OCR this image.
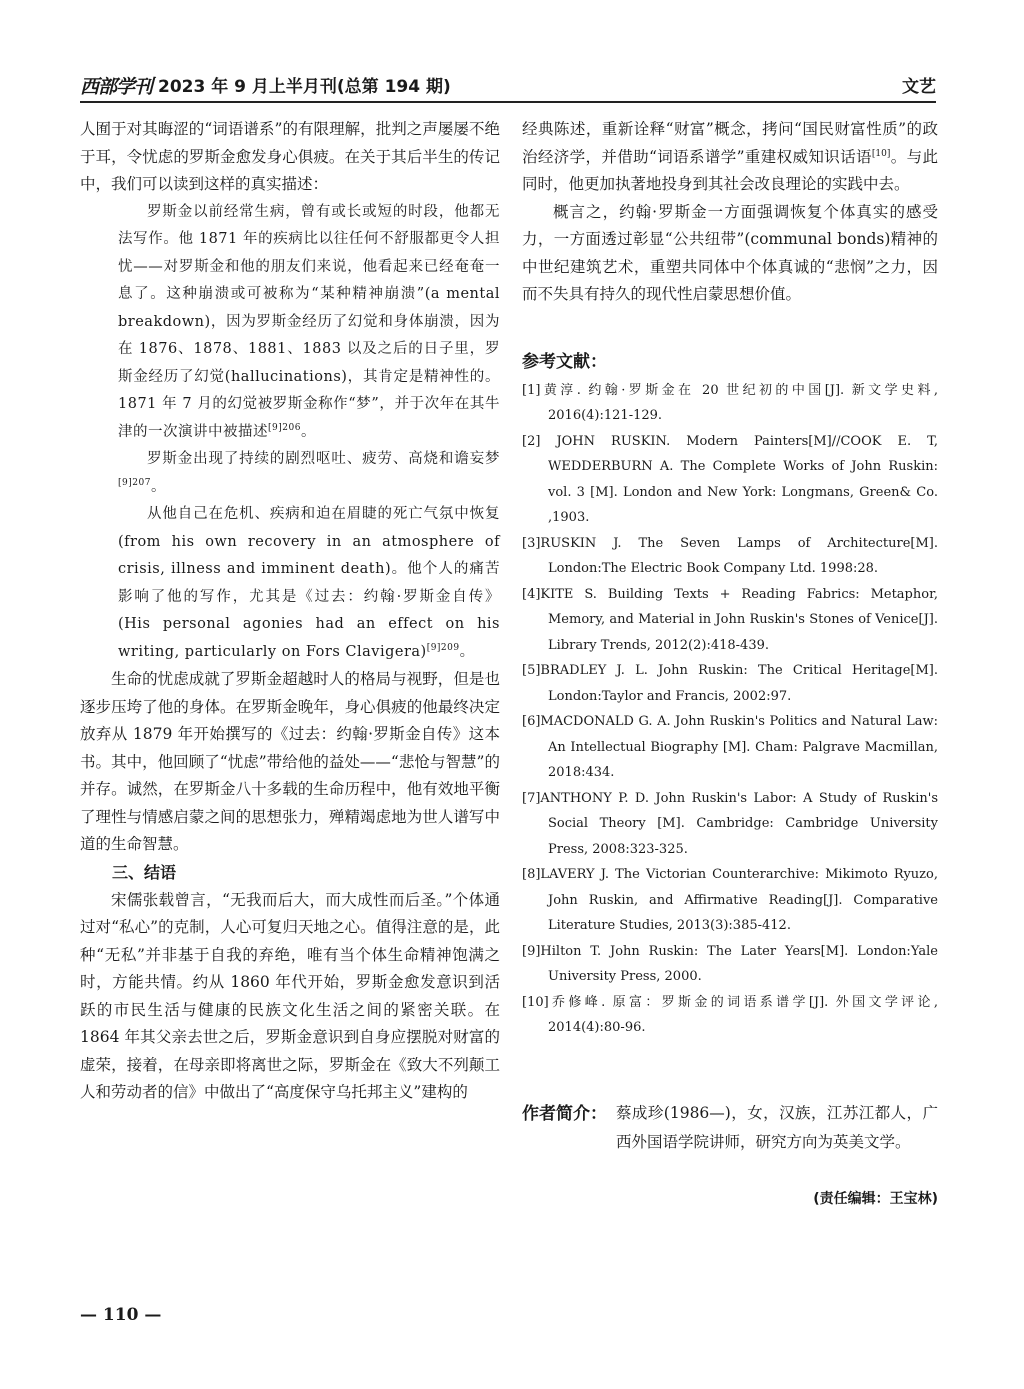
西部学刊 2023 年 9 月上半月刊(总第 194 期)	文艺

人囿于对其晦涩的“词语谱系”的有限理解，批判之声屡屡不绝于耳，令忧虑的罗斯金愈发身心俱疲。在关于其后半生的传记中，我们可以读到这样的真实描述：

罗斯金以前经常生病，曾有或长或短的时段，他都无法写作。他 1871 年的疾病比以往任何不舒服都更令人担忧——对罗斯金和他的朋友们来说，他看起来已经奄奄一息了。这种崩溃或可被称为“某种精神崩溃”(a mental breakdown)，因为罗斯金经历了幻觉和身体崩溃，因为在 1876、1878、1881、1883 以及之后的日子里，罗斯金经历了幻觉(hallucinations)，其肯定是精神性的。1871 年 7 月的幻觉被罗斯金称作“梦”，并于次年在其牛津的一次演讲中被描述$^{[9]206}$。

罗斯金出现了持续的剧烈呕吐、疲劳、高烧和谵妄梦$^{[9]207}$。

从他自己在危机、疾病和迫在眉睫的死亡气氛中恢复(from his own recovery in an atmosphere of crisis, illness and imminent death)。他个人的痛苦影响了他的写作，尤其是《过去：约翰·罗斯金自传》(His personal agonies had an effect on his writing, particularly on Fors Clavigera)$^{[9]209}$。

生命的忧虑成就了罗斯金超越时人的格局与视野，但是也逐步压垮了他的身体。在罗斯金晚年，身心俱疲的他最终决定放弃从 1879 年开始撰写的《过去：约翰·罗斯金自传》这本书。其中，他回顾了“忧虑”带给他的益处——“悲怆与智慧”的并存。诚然，在罗斯金八十多载的生命历程中，他有效地平衡了理性与情感启蒙之间的思想张力，殚精竭虑地为世人谱写中道的生命智慧。

三、结语

宋儒张载曾言，“无我而后大，而大成性而后圣。”个体通过对“私心”的克制，人心可复归天地之心。值得注意的是，此种“无私”并非基于自我的弃绝，唯有当个体生命精神饱满之时，方能共情。约从 1860 年代开始，罗斯金愈发意识到活跃的市民生活与健康的民族文化生活之间的紧密关联。在 1864 年其父亲去世之后，罗斯金意识到自身应摆脱对财富的虚荣，接着，在母亲即将离世之际，罗斯金在《致大不列颠工人和劳动者的信》中做出了“高度保守乌托邦主义”建构的

经典陈述，重新诠释“财富”概念，拷问“国民财富性质”的政治经济学，并借助“词语系谱学”重建权威知识话语[10]。与此同时，他更加执著地投身到其社会改良理论的实践中去。

概言之，约翰·罗斯金一方面强调恢复个体真实的感受力，一方面透过彰显“公共纽带”(communal bonds)精神的中世纪建筑艺术，重塑共同体中个体真诚的“悲悯”之力，因而不失具有持久的现代性启蒙思想价值。

参考文献：

[1]黄淳. 约翰·罗斯金在 20 世纪初的中国[J]. 新文学史料, 2016(4):121-129.

[2] JOHN RUSKIN. Modern Painters[M]//COOK E. T, WEDDERBURN A. The Complete Works of John Ruskin: vol. 3 [M]. London and New York: Longmans, Green& Co. ,1903.

[3]RUSKIN J. The Seven Lamps of Architecture[M]. London:The Electric Book Company Ltd. 1998:28.

[4]KITE S. Building Texts + Reading Fabrics: Metaphor, Memory, and Material in John Ruskin's Stones of Venice[J]. Library Trends, 2012(2):418-439.

[5]BRADLEY J. L. John Ruskin: The Critical Heritage[M]. London:Taylor and Francis, 2002:97.

[6]MACDONALD G. A. John Ruskin's Politics and Natural Law: An Intellectual Biography [M]. Cham: Palgrave Macmillan, 2018:434.

[7]ANTHONY P. D. John Ruskin's Labor: A Study of Ruskin's Social Theory [M]. Cambridge: Cambridge University Press, 2008:323-325.

[8]LAVERY J. The Victorian Counterarchive: Mikimoto Ryuzo, John Ruskin, and Affirmative Reading[J]. Comparative Literature Studies, 2013(3):385-412.

[9]Hilton T. John Ruskin: The Later Years[M]. London:Yale University Press, 2000.

[10]乔修峰. 原富：罗斯金的词语系谱学[J]. 外国文学评论, 2014(4):80-96.

作者简介： 蔡成珍(1986—)，女，汉族，江苏江都人，广西外国语学院讲师，研究方向为英美文学。
(责任编辑：王宝林)
— 110 —
